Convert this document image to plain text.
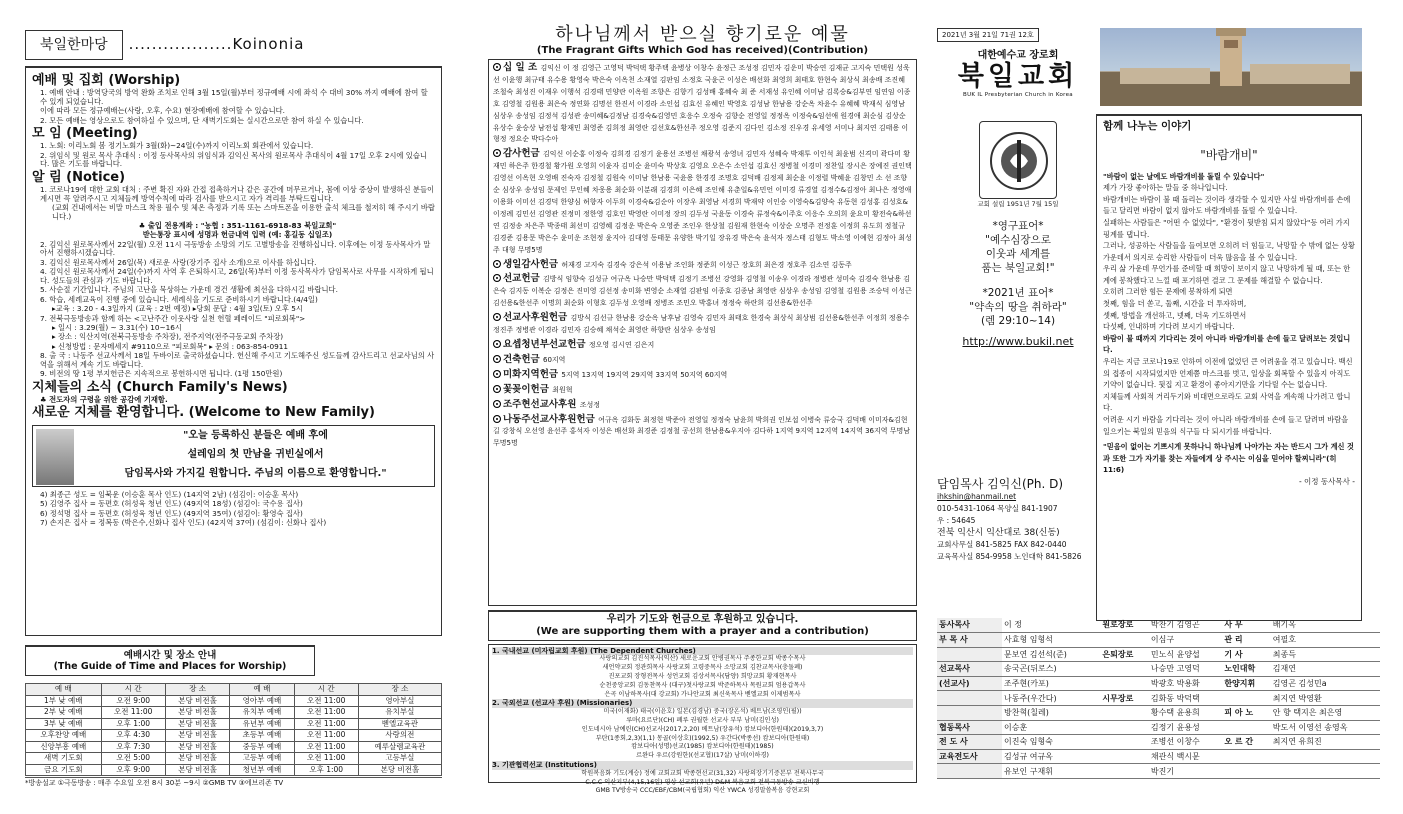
북일한마당	..................Koinonia
예배 및 집회 (Worship)
1. 예배 안내 : 방역당국의 방역 완화 조치로 인해 3월 15일(월)부터 정규예배 시에 좌석 수 대비 30% 까지 예배에 참여 할 수 있게 되었습니다.
이에 따라 모든 정규예배는(사랑, 오후, 수요) 현장예배에 참여할 수 있습니다.
2. 모든 예배는 영상으로도 참여하실 수 있으며, 단 새벽기도회는 실시간으로만 참여 하실 수 있습니다.
모 임 (Meeting)
1. 노회: 이리노회 봄 정기노회가 3월(화)~24일(수)까지 이리노회 회관에서 있습니다.
2. 위임식 및 원로 목사 추대식 : 이정 동사목사의 위임식과 김익신 목사의 원로목사 추대식이 4월 17일 오후 2시에 있습니다. 많은 기도를 바랍니다.
알 림 (Notice)
1. 코로나19에 대한 교회 대처 : 주변 확진 자와 간접 접촉하거나 같은 공간에 머무르거나, 몸에 이상 증상이 발생하신 분들이 계시면 꼭 알려주시고 지체들께 방역수칙에 따라 검사를 받으시고 자가 격리를 부탁드립니다.
(교회 건내에서는 비말 마스크 착용 필수 및 체온 측정과 기록 또는 스마트폰을 이용한 출석 체크를 철저히 해 주시기 바랍니다.)
♣ 출입 전용계좌 : "농협 : 351-1161-6918-83 북일교회"
받는통장 표시에 성명과 헌금내역 입력 (예: 홍길동 십일조)
2. 김익신 원로목사께서 22일(월) 오전 11시 극동방송 소망의 기도 고별방송을 진행하십니다. 이후에는 이정 동사목사가 말아서 진행하시겠습니다.
3. 김익신 원로목사께서 26일(목) 새로운 사랑(장기주 집사 소개)으로 이사를 하십니다.
4. 김익신 원로목사께서 24일(수)까지 사역 후 은퇴하시고, 26일(목)부터 이정 동사목사가 담임목사로 사무를 시작하게 됩니다. 성도들의 관심과 기도 바랍니다.
5. 사순절 기간입니다. 주님의 고난을 묵상하는 가운데 경건 생활에 최선을 다하시길 바랍니다.
6. 학습, 세례교육이 진행 중에 있습니다. 세례식을 기도로 준비하시기 바랍니다.(4/4일)
▸교육 : 3.20 - 4.3일까지 (교육 : 2번 예정) ▸당회 문답 : 4월 3일(토) 오후 5시
7. 전북극동방송과 함께 하는 <고난주간 이웃사랑 실천 헌혈 페레이드 "피로회복">
▸ 일시 : 3.29(월) ~ 3.31(수) 10~16시
▸ 장소 : 익산지역(전북극동방송 주차장), 전주지역(전주극동교회 주차장)
▸ 신청방법 : 문자메세지 #9110으로 "피로회복" ▸ 문의 : 063-854-0911
8. 출 국 : 나동주 선교사께서 18일 두바이로 출국하셨습니다. 헌신해 주시고 기도해주신 성도들께 감사드리고 선교사님의 사역을 위해서 계속 기도 바랍니다.
9. 비전의 땅 1평 부지헌금은 지속적으로 봉헌하시면 됩니다. (1평 150만원)
지체들의 소식 (Church Family's News)
♣ 전도자의 구령을 위한 공감에 기재함.
새로운 지체를 환영합니다. (Welcome to New Family)
"오늘 등록하신 분들은 예배 후에
설레임의 첫 만남을 귀빈실에서
담임목사와 가지길 원합니다. 주님의 이름으로 환영합니다."
4) 최종근 성도 = 임북운 (이승훈 목사 인도) (14지역 2남) (섬김이: 이승훈 목사)
5) 김영주 집사 = 동편호 (허성육 청년 인도) (49지역 18성) (섬김이: 국수용 집사)
6) 정석명 집사 = 동편호 (허성육 청년 인도) (49지역 35여) (섬김이: 황영숙 집사)
7) 손지은 집사 = 정복동 (박은수,신화나 집사 인도) (42지역 37여) (섬김이: 신화나 집사)
예배시간 및 장소 안내
(The Guide of Time and Places for Worship)
예 배	시 간	장 소	예 배	시 간	장 소
1부 낮 예배	오전 9:00	본당 비전홀	영아부 예배	오전 11:00	영아부실
2부 낮 예배	오전 11:00	본당 비전홀	유치부 예배	오전 11:00	유치부실
3부 낮 예배	오후 1:00	본당 비전홀	유년부 예배	오전 11:00	벧엘교육관
오후찬양 예배	오후 4:30	본당 비전홀	초등부 예배	오전 11:00	사랑의전
신앙부흥 예배	오후 7:30	본당 비전홀	중등부 예배	오전 11:00	예루살렘교육관
새벽 기도회	오전 5:00	본당 비전홀	고등부 예배	오전 11:00	고등부실
금요 기도회	오후 9:00	본당 비전홀	청년부 예배	오후 1:00	본당 비전홀
*방송설교 ①극동방송 : 매주 수요일 오전 8시 30분 ~9시 ②GMB TV ③에브리존 TV
하나님께서 받으실 향기로운 예물
(The Fragrant Gifts Which God has received)(Contribution)
십 일 조 김익신 이 정 김영근 고영덕 박덕택 황주택 윤병상 이창수 윤정근 조성정 김민자 김운미 박승연 김재균 고지숙 민택원 성욱선 이윤행 최규태 유수용 황영숙 박은숙 이옥천 소재열 김판임 소정호 국윤곤 이성은 배선화 최영희 최태호 한현숙 최상식 최송배 조진혜 조철숙 최성진 이재우 이행석 김경태 민양란 이옥원 조향은 김향기 김성배 홍혜숙 최 준 서재성 유인혜 이미남 김록승&김부연 임연임 이종호 김영철 김원용 최은숙 정연화 김명선 한진서 이경라 소인섭 김효신 유혜인 박영호 김성남 한남용 강순옥 차윤수 유혜혜 박재식 심영남 심상우 송성임 김정석 김성관 송미혜&김정남 김경숙&김영민 호응수 오정숙 김향순 전영일 정정옥 이정숙&임선애 원경애 최순심 김상순 유상수 윤승상 남전섭 황재민 최영준 김희정 최영란 김선호&한선주 정오영 김준지 김다인 김소정 진우경 유세영 서미나 최지연 김태용 이형정 정요순 박다수아
감사헌금 김익신 이순홍 이정숙 김희경 김정기 윤용선 조병선 채광석 송영녀 김민자 성혜숙 박재투 이인석 최윤범 신격미 곽다미 황재민 하은주 한경철 황가원 오영희 이윤자 김미순 윤미숙 박상호 김영요 오은수 소인섭 김효신 정병철 이경미 정찬일 장시은 장예진 권인택 김영선 이옥현 오영배 진숙자 김정철 김원숙 이미남 한남용 국윤용 한경경 조명호 김덕배 김정제 최순윤 이정렬 박혜윤 김창민 소 선 조향순 심상우 송성임 문제인 무인혜 차웅용 최순화 이분래 김경희 이은혜 조인해 유춘일&유민언 이미경 류경열 김정수&김정아 최나은 정영애 이용화 이미선 김경덕 한양심 허향자 이두희 이경숙&김순아 이장우 최영남 서경희 박재약 이인승 이영숙&김양숙 유동현 김성홍 김성호&이정례 김민선 김영관 진정미 정한영 김호인 박영란 이미정 장의 김두성 국윤동 이경숙 류정숙&이주호 이응수 오의희 윤요미 황전숙&하선연 김정송 차은주 박종태 최선미 김영혜 김정운 박은숙 오영준 조인우 한상철 김원재 한현숙 이상순 오명주 전정훈 이정희 유도희 정철규 김경준 김용문 박은수 윤미운 조현정 윤지아 김대영 동태문 유양한 박기일 장유경 박은숙 윤석자 정스태 김형도 박소영 이예현 김정아 최성주 대형 무명5명
생일감사헌금 허재경 고지숙 김경숙 강은석 이용남 조인화 정준희 이성근 장호희 최은경 정호주 김소연 김동주
선교헌금 김방식 임향숙 김성규 여규옥 나승만 박덕택 김정기 조병선 강영화 김영철 이송우 이경라 정병관 성미숙 김경숙 한남용 김은숙 김지동 이복순 김정은 진미영 김선정 송미화 변영순 소재열 김판임 이종호 김종남 최영란 심상우 송성임 김영철 김원용 조승덕 이성근 김선용&한선주 이명희 최순화 이형호 김두성 오영배 정병조 조민오 박홍녀 정정숙 하란희 김선용&한선주
선교사후원헌금 김방식 김선규 한남용 강순옥 남후남 김영숙 김민자 최태호 한경숙 최상식 최상범 김선용&한선주 이정희 정용수 정진주 정병관 이경라 김민자 김승혜 채석순 최영란 하향란 심상우 송성임
요셉청년부선교헌금 정오영 김시연 김은지
건축헌금 60지역
미화지역헌금 5지역 13지역 19지역 29지역 33지역 50지역 60지역
꽃꽂이헌금 최원혁
조주현선교사후원 조성정
나동주선교사후원헌금 여규옥 김화동 최정현 박준아 전영일 정정숙 남윤희 박희권 인보섭 이병숙 류승국 김덕배 이미자&김현길 강창식 오선영 윤선주 홍석자 이성은 배선화 최경준 김정철 공선희 한남용&우지아 김다하 1지역 9지역 12지역 14지역 36지역 무명남 무명5명
우리가 기도와 헌금으로 후원하고 있습니다.
(We are supporting them with a prayer and a contribution)
1. 국내선교 (미자립교회 후원) (The Dependent Churches)
사랑의교회 김진석목사(익산) 새로운교회 안병권목사 주종한교회 박종수목사
새언약교회 정관희목사 사랑교회 고령중목사 소망교회 김찬교목사(충돌폐)
진포교회 장형전목사 성언교회 김상서목사(담양) 희망교회 황재현목사
순천중앙교회 김동찬목사 (대구)첫사랑교회 박준하목사 목원교회 엄용갑목사
은곡 이남하목사(대 강교회) 가나안교회 최신욱목사 벧엘교회 이제범목사
2. 국외선교 (선교사 후원) (Missionaries)
미국(이재화) 태국(이윤호) 일본(김경남) 중국(장온석) 베트남(조영인(필))
루마(요르단)(CH) 폐루 권월한 선교사 부부 남미(김인성)
인도네시아 남예린(CH)선교사(2017,2,20) 베트남(장유석) 캄보디아(한원태)(2019,3,7)
부탄(1종회,2,3)(1,1) 몽골(이상호)(1992,5) 우간다(박종선) 캄보디아(한원태)
캄보디아(성명)선교(1985) 캄보디아(한원태)(1985)
르완다 우르(강원한)(선교협)(17살) 남미(이하경)
3. 기관협력선교 (Institutions)
학원복음화 기도(계승) 정예 교회교회 박종현선교(31,32) 사랑의장기기증본부 전북사무국
C.C.C 익산지부(4,15,16일) 영상 선교회(유년) D&M 복음교회 전북극동방송 크신비행
GMB TV방송국 CCC/EBF/CBM(국립협회) 익산 YWCA 성경말씀복음 강현교회
2021년 3월 21일 71권 12호
대한예수교 장로회
북일교회
BUK IL Presbyterian Church in Korea
교회 설립 1951년 7월 15일
*영구표어*
"예수심장으로
이웃과 세계를
품는 북일교회!"
*2021년 표어*
"약속의 땅을 취하라"
(렘 29:10~14)
http://www.bukil.net
담임목사 김익신(Ph. D)
ihkshin@hanmail.net
010-5431-1064 목양실 841-1907
우 : 54645
전북 익산시 익산대로 38(신동)
교회사무실 841-5825 FAX 842-0440
교육목사실 854-9958 노인대학 841-5826
함께 나누는 이야기
"바람개비"
"바람이 없는 날에도 바람개비를 돌릴 수 있습니다"
제가 가장 좋아하는 말들 중 하나입니다.
바람개비는 바람이 불 때 돌리는 것이라 생각할 수 있지만 사실 바람개비를 손에 들고 달리면 바람이 없지 않아도 바람개비를 돌릴 수 있습니다.
실패하는 사람들은 "어떤 수 없었다", "환경이 뒷받침 되지 않았다"등 여러 가지 핑계를 댑니다.
그러나, 성공하는 사람들을 들여보면 오히려 더 힘들고, 낙망할 수 밖에 없는 상황 가운데서 의지로 승리한 사람들이 더욱 많음을 볼 수 있습니다.
우리 삶 가운데 무언가를 준비할 때 희망이 보이지 않고 낙망하게 될 때, 또는 한계에 봉착했다고 느낄 때 포기하면 결코 그 문제를 해결할 수 없습니다.
오히려 그러한 힘든 문제에 봉착하게 되면
첫째, 힘을 더 쏟고, 둘째, 시간을 더 투자하며,
셋째, 방법을 개선하고, 넷째, 더욱 기도하면서
다섯째, 인내하며 기다려 보시기 바랍니다.
바람이 불 때까지 기다리는 것이 아니라 바람개비를 손에 들고 달려보는 것입니다.
우리는 지금 코로나19로 인하여 이전에 없었던 큰 어려움을 겪고 있습니다. 백신의 접종이 시작되었지만 언제쯤 마스크를 벗고, 일상을 회복할 수 있을지 아직도 기약이 없습니다. 뒷집 지고 환경이 좋아지기만을 기다릴 수는 없습니다.
지체들께 사회적 거리두기와 비대면으로라도 교회 사역을 계속해 나가려고 합니다.
어려운 시기 바람을 기다리는 것이 아니라 바람개비를 손에 들고 달려며 바람을 일으키는 북일의 믿음의 식구들 다 되시기를 바랍니다.
"믿음이 없이는 기쁘시게 못하나니 하나님께 나아가는 자는 반드시 그가 계신 것과 또한 그가 자기를 찾는 자들에게 상 주시는 이심을 믿어야 할찌니라"(히 11:6)
- 이정 동사목사 -
동사목사	이 정		원로장로	박찬기 김영곤	사 무	배기옥
부 목 사	사효형 임형석			이심구	관 리	여필호
	문보연 김선석(준)		은퇴장로	민노식 윤양섭	기 사	최종득
선교목사	송국곤(뒤로스)			나승만 고영덕	노인대학	김재연
(선교사)	조주현(카포)			박광호 박용화	한양지휘	김영곤 김성민a
	나동주(우간다)		시무장로	김화동 박덕택		최지연 박영환
	방찬혁(칠레)			황수택 윤용희	피 아 노	안 향 택지은 최은영
협동목사	이승훈			김정기 윤용성		박도서 이영선 송영옥
전 도 사	이진숙 임형숙			조병선 이창수	오 르 간	최지연 유희진
교육전도사	김성규 여규옥			채관식 백시문		
	유보인 구재휘			박진기		
